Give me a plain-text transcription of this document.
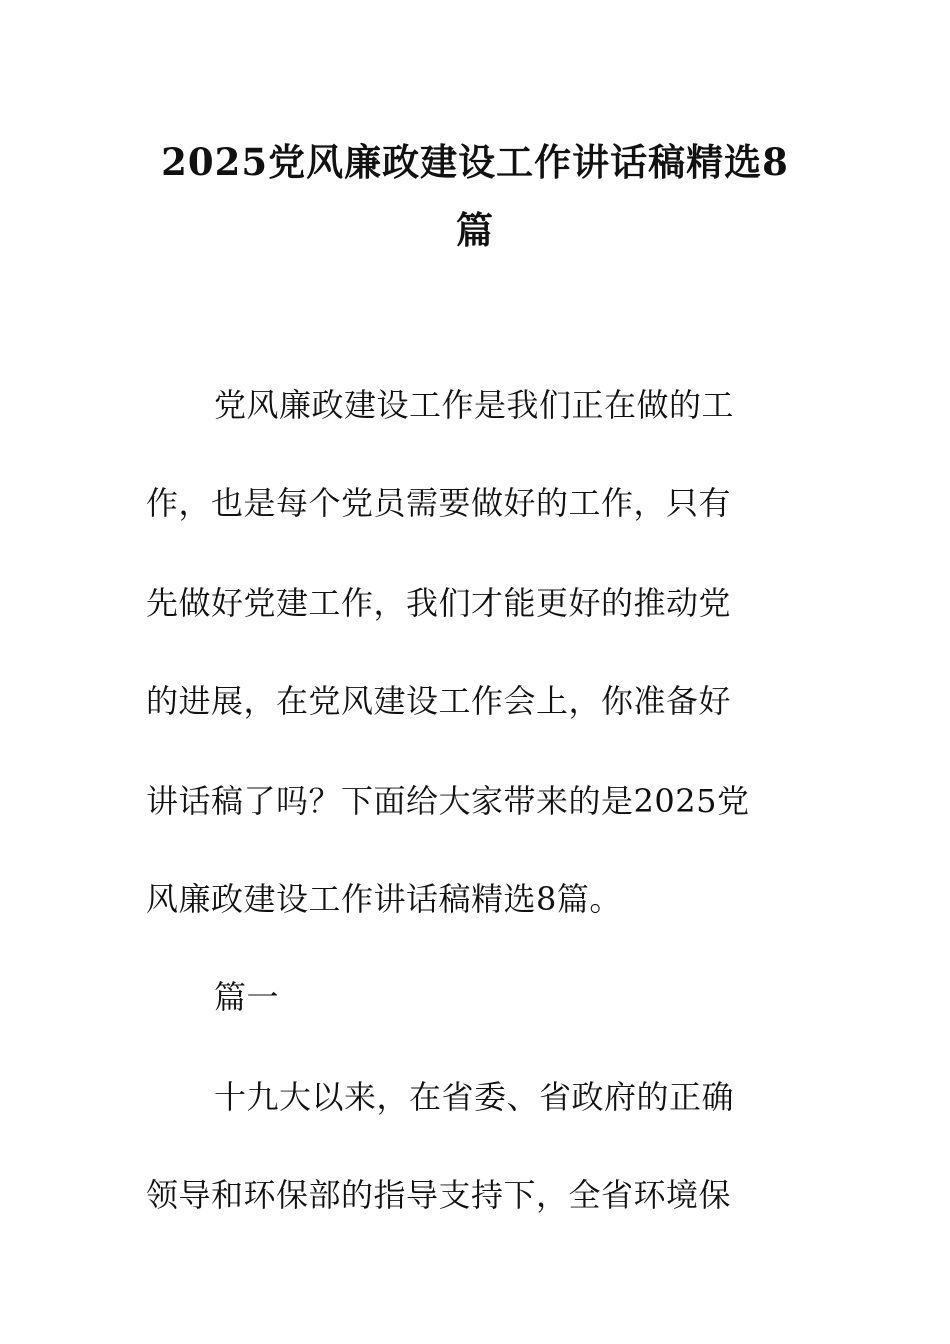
2025党风廉政建设工作讲话稿精选8
篇
党风廉政建设工作是我们正在做的工
作，也是每个党员需要做好的工作，只有
先做好党建工作，我们才能更好的推动党
的进展，在党风建设工作会上，你准备好
讲话稿了吗？下面给大家带来的是2025党
风廉政建设工作讲话稿精选8篇。
篇一
十九大以来，在省委、省政府的正确
领导和环保部的指导支持下，全省环境保
